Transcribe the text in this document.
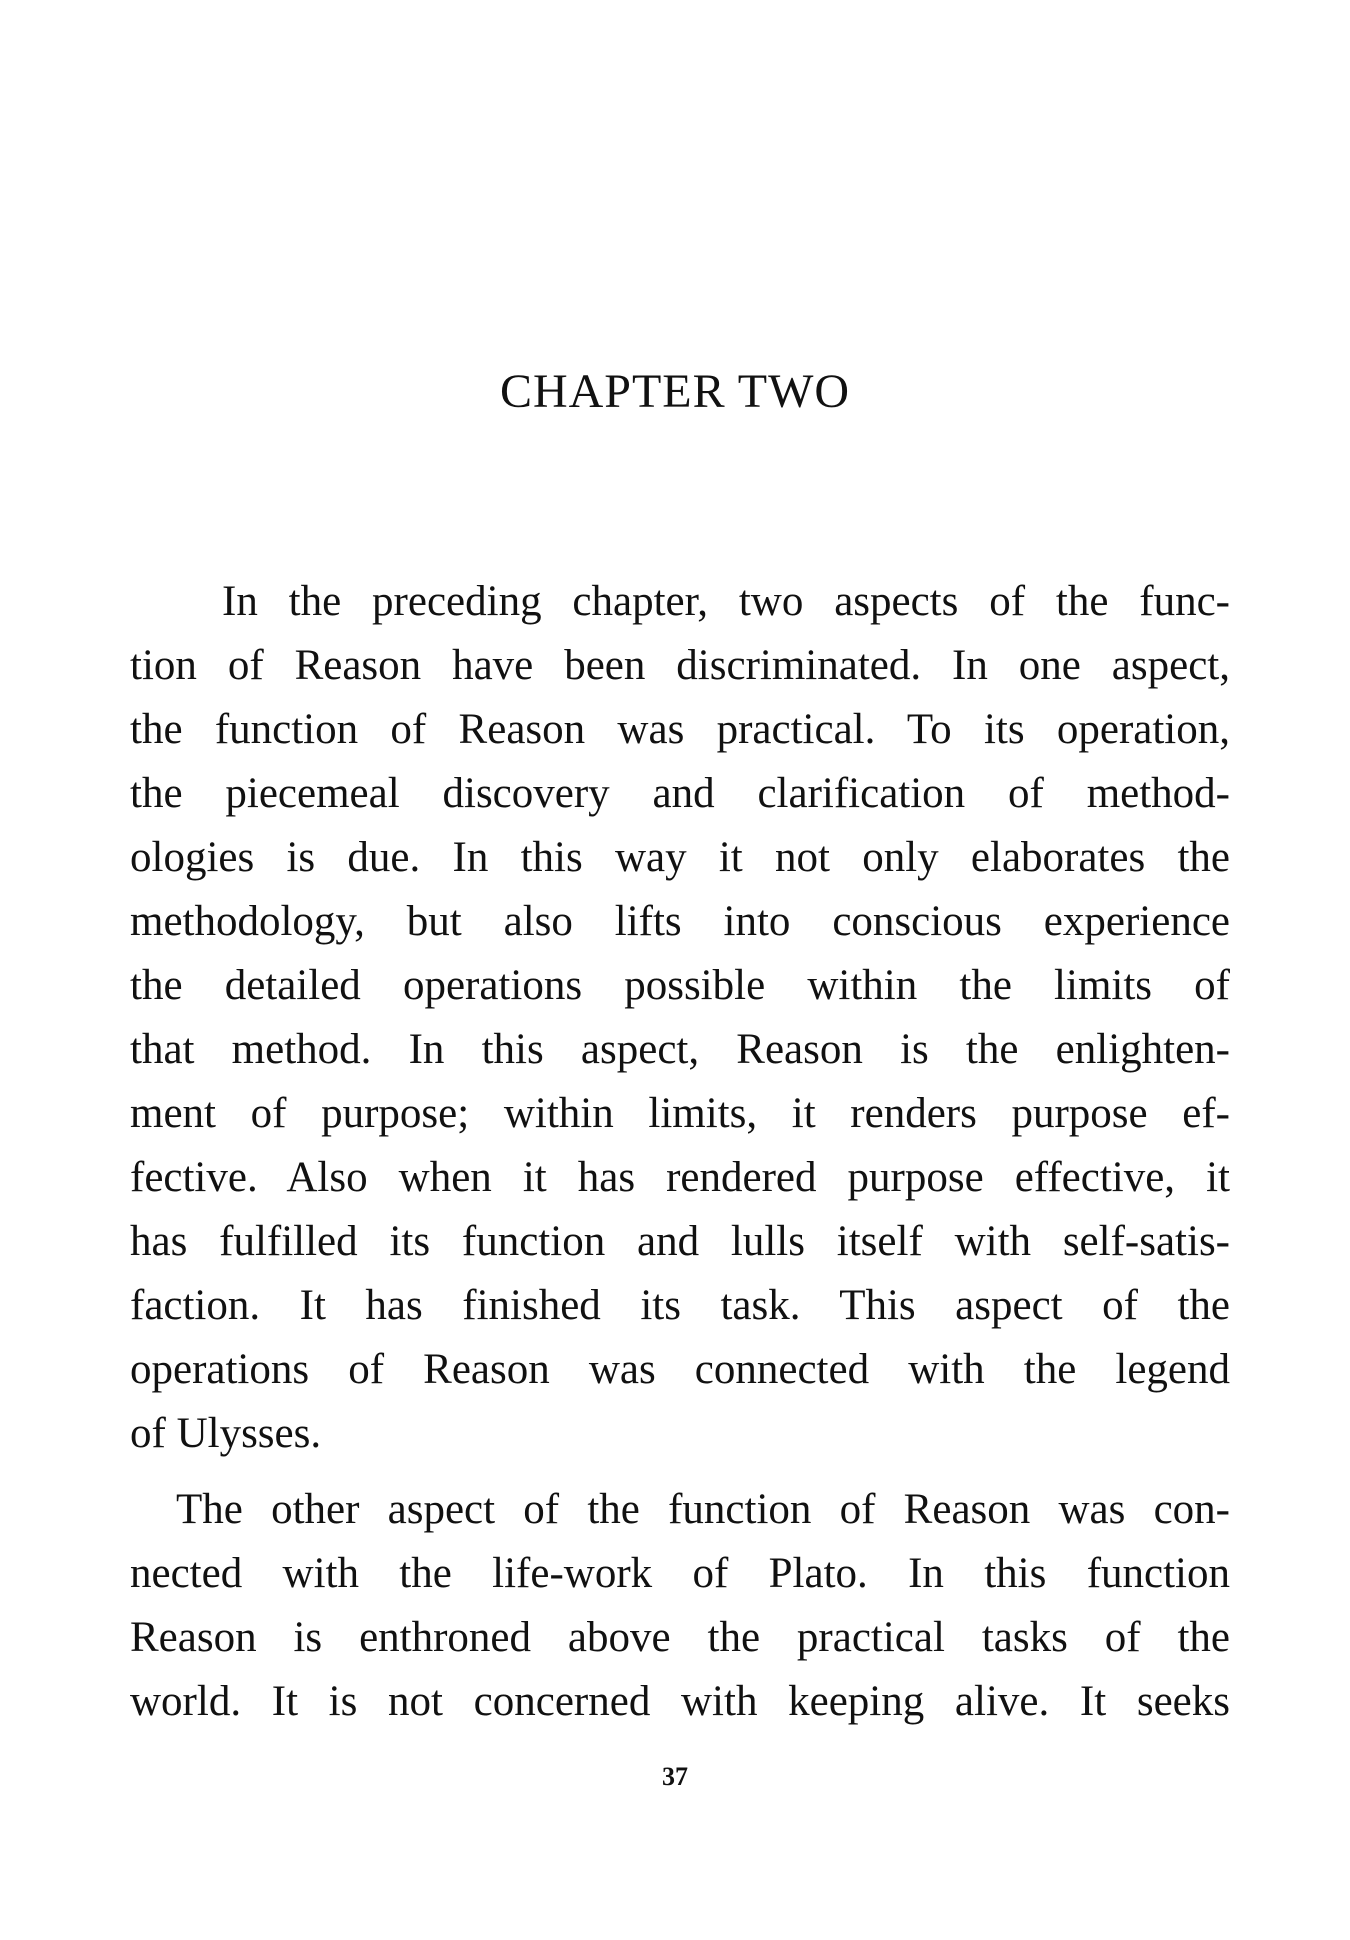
CHAPTER TWO
In the preceding chapter, two aspects of the func-
tion of Reason have been discriminated. In one aspect,
the function of Reason was practical. To its operation,
the piecemeal discovery and clarification of method-
ologies is due. In this way it not only elaborates the
methodology, but also lifts into conscious experience
the detailed operations possible within the limits of
that method. In this aspect, Reason is the enlighten-
ment of purpose; within limits, it renders purpose ef-
fective. Also when it has rendered purpose effective, it
has fulfilled its function and lulls itself with self-satis-
faction. It has finished its task. This aspect of the
operations of Reason was connected with the legend
of Ulysses.
The other aspect of the function of Reason was con-
nected with the life-work of Plato. In this function
Reason is enthroned above the practical tasks of the
world. It is not concerned with keeping alive. It seeks
37
